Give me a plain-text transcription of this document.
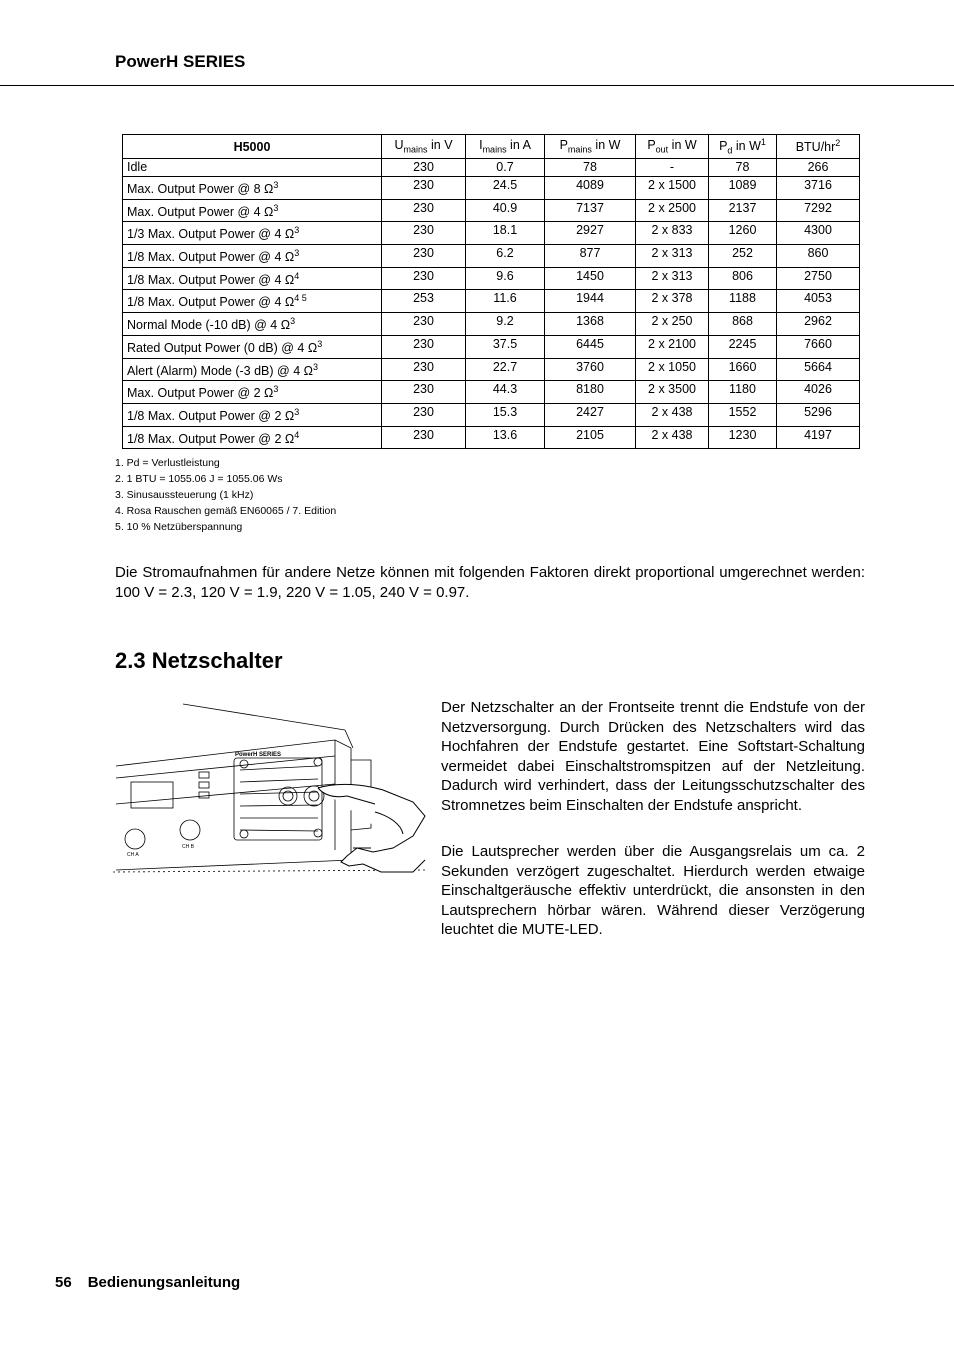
PowerH SERIES
H5000	$U_{mains}$ in V	$I_{mains}$ in A	$P_{mains}$ in W	$P_{out}$ in W	$P_d$ in $W^1$	BTU/$hr^2$
Idle	230	0.7	78	-	78	266
Max. Output Power @ 8 $\Omega^3$	230	24.5	4089	2 x 1500	1089	3716
Max. Output Power @ 4 $\Omega^3$	230	40.9	7137	2 x 2500	2137	7292
1/3 Max. Output Power @ 4 $\Omega^3$	230	18.1	2927	2 x 833	1260	4300
1/8 Max. Output Power @ 4 $\Omega^3$	230	6.2	877	2 x 313	252	860
1/8 Max. Output Power @ 4 $\Omega^4$	230	9.6	1450	2 x 313	806	2750
1/8 Max. Output Power @ 4 $\Omega^{4 5}$	253	11.6	1944	2 x 378	1188	4053
Normal Mode (-10 dB) @ 4 $\Omega^3$	230	9.2	1368	2 x 250	868	2962
Rated Output Power (0 dB) @ 4 $\Omega^3$	230	37.5	6445	2 x 2100	2245	7660
Alert (Alarm) Mode (-3 dB) @ 4 $\Omega^3$	230	22.7	3760	2 x 1050	1660	5664
Max. Output Power @ 2 $\Omega^3$	230	44.3	8180	2 x 3500	1180	4026
1/8 Max. Output Power @ 2 $\Omega^3$	230	15.3	2427	2 x 438	1552	5296
1/8 Max. Output Power @ 2 $\Omega^4$	230	13.6	2105	2 x 438	1230	4197
1. Pd = Verlustleistung
2. 1 BTU = 1055.06 J = 1055.06 Ws
3. Sinusaussteuerung (1 kHz)
4. Rosa Rauschen gemäß EN60065 / 7. Edition
5. 10 % Netzüberspannung
Die Stromaufnahmen für andere Netze können mit folgenden Faktoren direkt proportional umgerechnet werden: 100 V = 2.3, 120 V = 1.9, 220 V = 1.05, 240 V = 0.97.
2.3 Netzschalter
PowerH SERIES
CH A
CH B
Der Netzschalter an der Frontseite trennt die Endstufe von der Netzversorgung. Durch Drücken des Netzschalters wird das Hochfahren der Endstufe gestartet. Eine Softstart-Schaltung vermeidet dabei Einschaltstromspitzen auf der Netzleitung. Dadurch wird verhindert, dass der Leitungsschutzschalter des Stromnetzes beim Einschalten der Endstufe anspricht.
Die Lautsprecher werden über die Ausgangsrelais um ca. 2 Sekunden verzögert zugeschaltet. Hierdurch werden etwaige Einschaltgeräusche effektiv unterdrückt, die ansonsten in den Lautsprechern hörbar wären. Während dieser Verzögerung leuchtet die MUTE-LED.
56 Bedienungsanleitung
